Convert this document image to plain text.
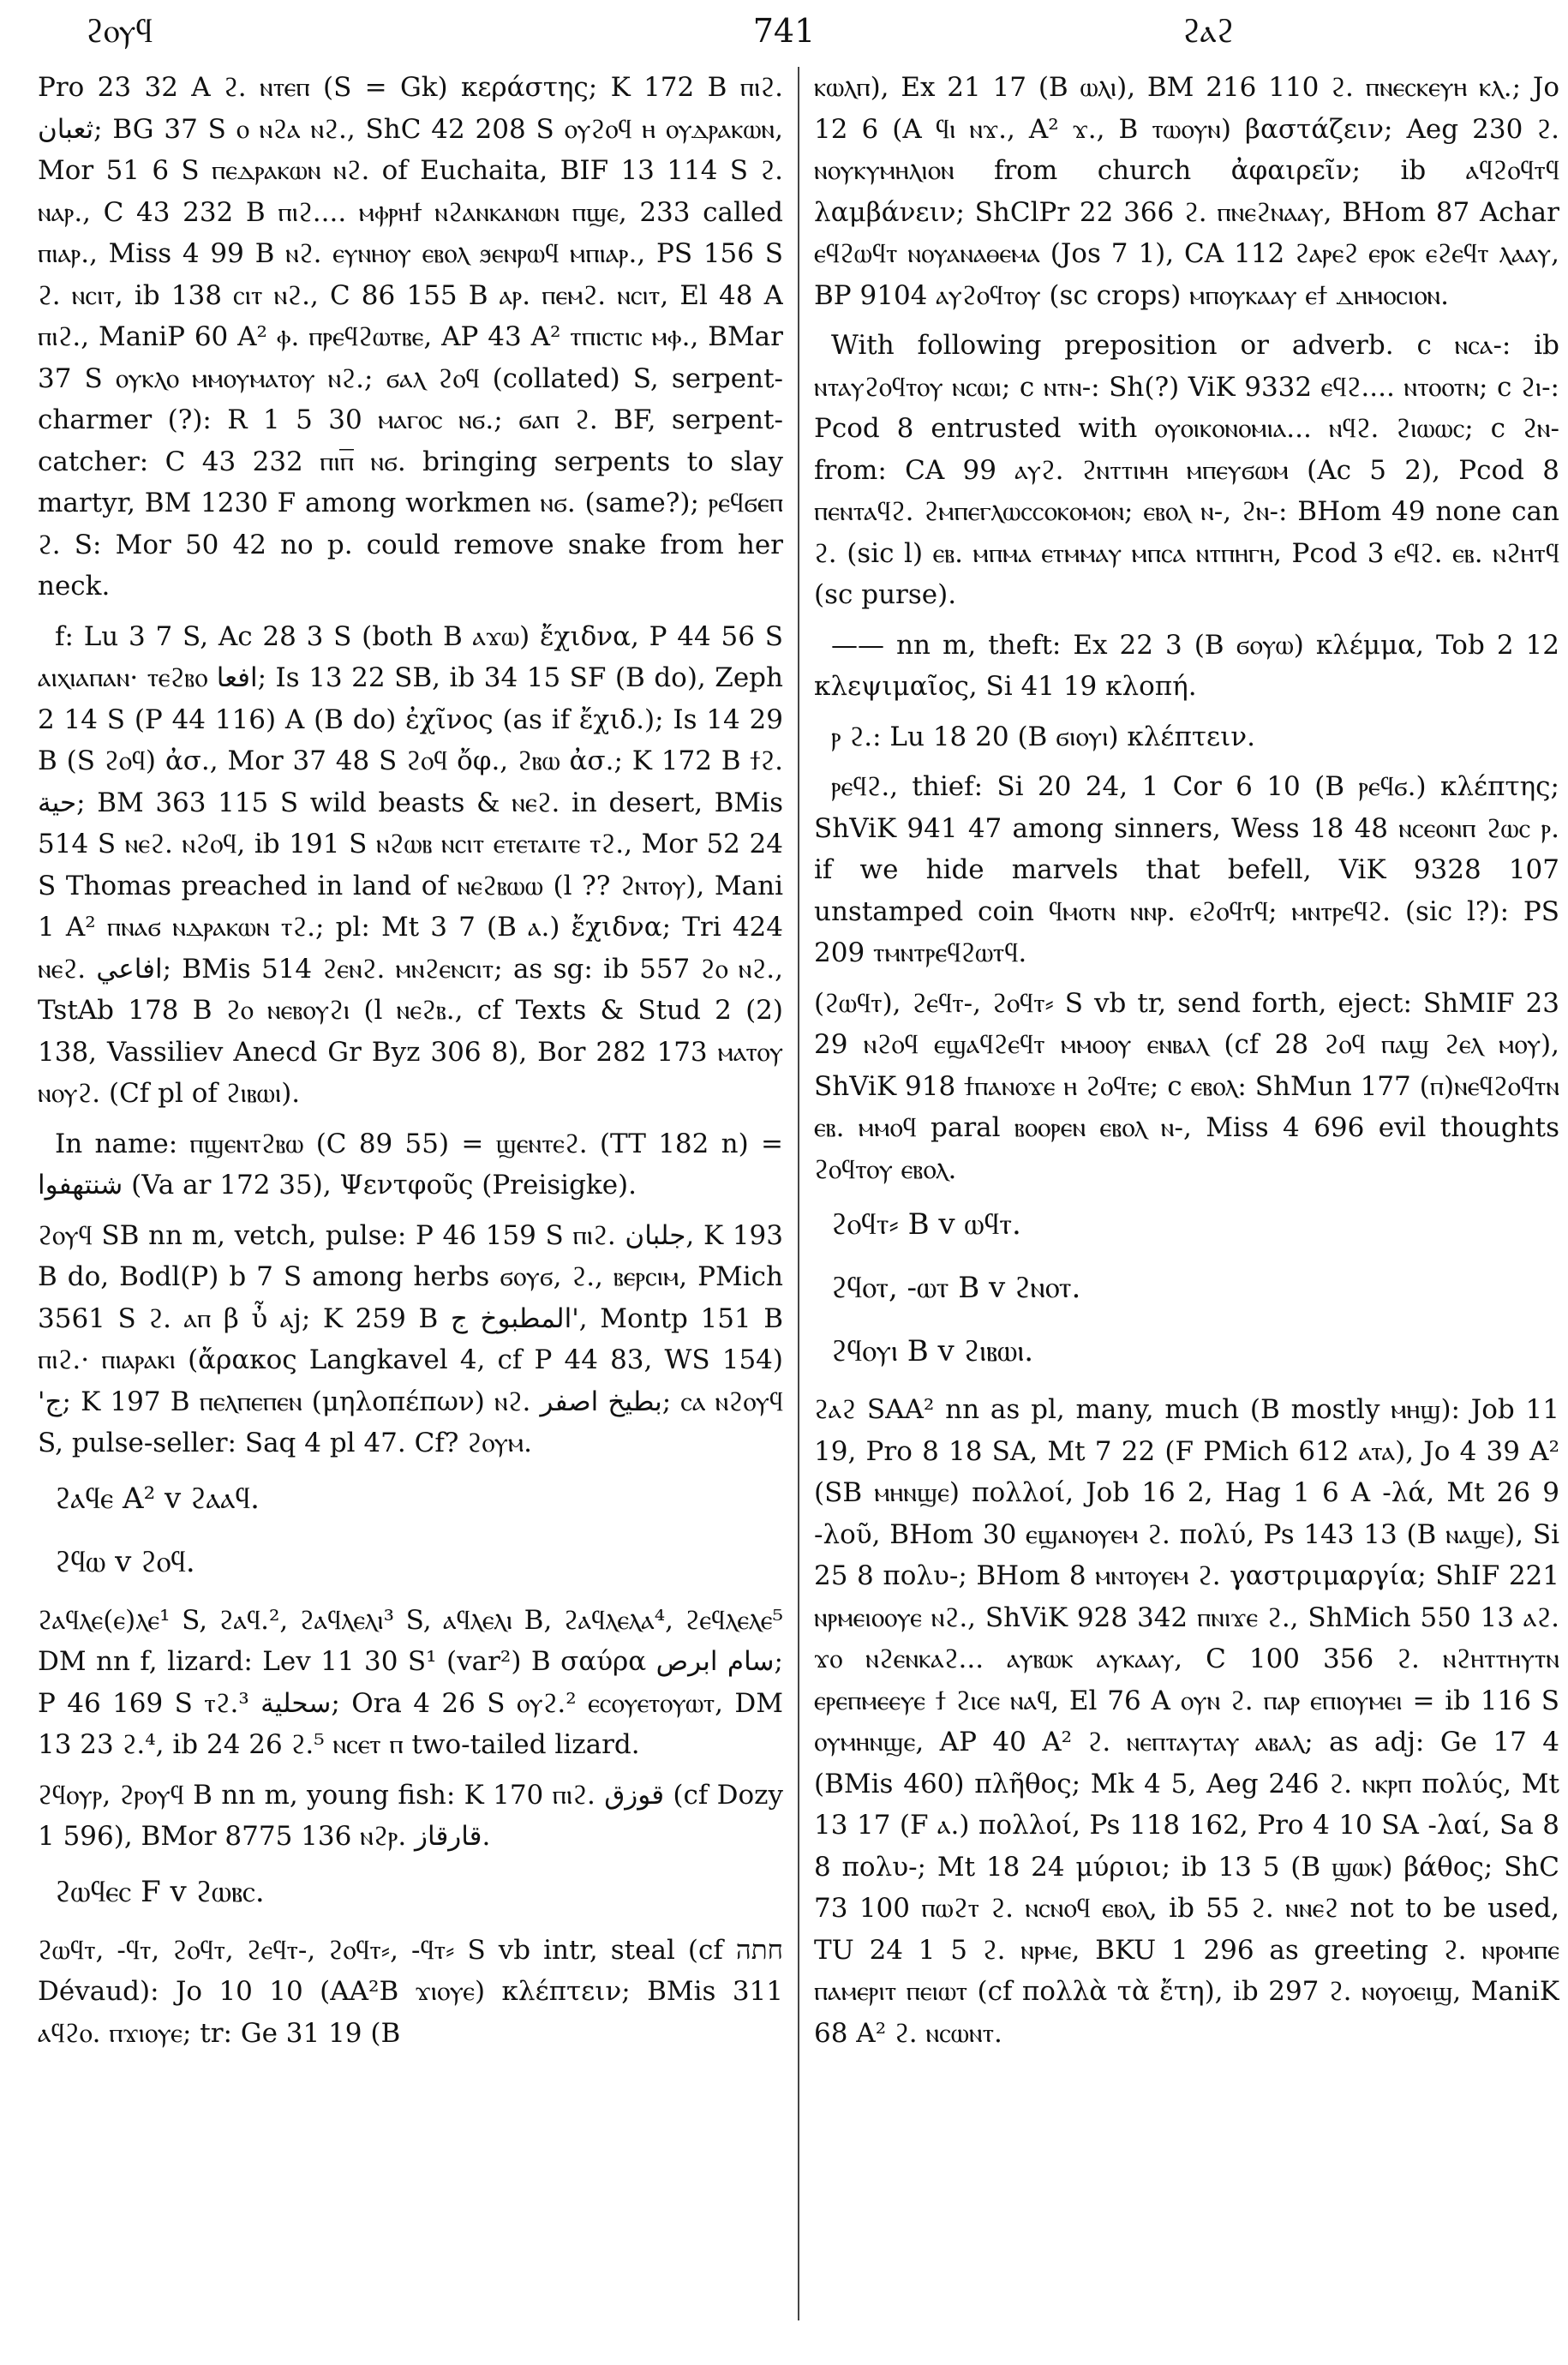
ϩⲟⲩϥ	741	ϩⲁϩ

Pro 23 32 A ϩ. ⲛⲧⲉⲡ (S = Gk) κεράστης; K 172 B ⲡⲓϩ. ثعبان; BG 37 S ⲟ ⲛϩⲁ ⲛϩ., ShC 42 208 S ⲟⲩϩⲟϥ ⲏ ⲟⲩⲇⲣⲁⲕⲱⲛ, Mor 51 6 S ⲡⲉⲇⲣⲁⲕⲱⲛ ⲛϩ. of Euchaita, BIF 13 114 S ϩ. ⲛⲁⲣ., C 43 232 B ⲡⲓϩ.... ⲙⲫⲣⲏϯ ⲛϩⲁⲛⲕⲁⲛⲱⲛ ⲡϣⲉ, 233 called ⲡⲓⲁⲣ., Miss 4 99 B ⲛϩ. ⲉⲩⲛⲏⲟⲩ ⲉⲃⲟⲗ ϧⲉⲛⲣⲱϥ ⲙⲡⲓⲁⲣ., PS 156 S ϩ. ⲛⲥⲓⲧ, ib 138 ⲥⲓⲧ ⲛϩ., C 86 155 B ⲁⲣ. ⲡⲉⲙϩ. ⲛⲥⲓⲧ, El 48 A ⲡⲓϩ., ManiP 60 A² ⲫ. ⲡⲣⲉϥϩⲱⲧⲃⲉ, AP 43 A² ⲧⲡⲓⲥⲧⲓⲥ ⲙⲫ., BMar 37 S ⲟⲩⲕⲗⲟ ⲙⲙⲟⲩⲙⲁⲧⲟⲩ ⲛϩ.; ϭⲁⲗ ϩⲟϥ (collated) S, serpent-charmer (?): R 1 5 30 ⲙⲁⲅⲟⲥ ⲛϭ.; ϭⲁⲡ ϩ. BF, serpent-catcher: C 43 232 ⲡⲓⲡ̅ ⲛϭ. bringing serpents to slay martyr, BM 1230 F among workmen ⲛϭ. (same?); ⲣⲉϥϭⲉⲡ ϩ. S: Mor 50 42 no p. could remove snake from her neck.

f: Lu 3 7 S, Ac 28 3 S (both B ⲁϫⲱ) ἔχιδνα, P 44 56 S ⲁⲓⲭⲓⲁⲡⲁⲛ· ⲧⲉϩⲃⲟ افعا; Is 13 22 SB, ib 34 15 SF (B do), Zeph 2 14 S (P 44 116) A (B do) ἐχῖνος (as if ἔχιδ.); Is 14 29 B (S ϩⲟϥ) ἀσ., Mor 37 48 S ϩⲟϥ ὄφ., ϩⲃⲱ ἀσ.; K 172 B ϯϩ. حية; BM 363 115 S wild beasts & ⲛⲉϩ. in desert, BMis 514 S ⲛⲉϩ. ⲛϩⲟϥ, ib 191 S ⲛϩⲱⲃ ⲛⲥⲓⲧ ⲉⲧⲉⲧⲁⲓⲧⲉ ⲧϩ., Mor 52 24 S Thomas preached in land of ⲛⲉϩⲃⲱⲱ (l ?? ϩⲛⲧⲟⲩ), Mani 1 A² ⲡⲛⲁϭ ⲛⲇⲣⲁⲕⲱⲛ ⲧϩ.; pl: Mt 3 7 (B ⲁ.) ἔχιδνα; Tri 424 ⲛⲉϩ. افاعي; BMis 514 ϩⲉⲛϩ. ⲙⲛϩⲉⲛⲥⲓⲧ; as sg: ib 557 ϩⲟ ⲛϩ., TstAb 178 B ϩⲟ ⲛⲉⲃⲟⲩϩⲓ (l ⲛⲉϩⲃ., cf Texts & Stud 2 (2) 138, Vassiliev Anecd Gr Byz 306 8), Bor 282 173 ⲙⲁⲧⲟⲩ ⲛⲟⲩϩ. (Cf pl of ϩⲓⲃⲱⲓ).

In name: ⲡϣⲉⲛⲧϩⲃⲱ (C 89 55) = ϣⲉⲛⲧⲉϩ. (TT 182 n) = شنتهفوا (Va ar 172 35), Ψεντφοῦς (Preisigke).

ϩⲟⲩϥ SB nn m, vetch, pulse: P 46 159 S ⲡⲓϩ. جلبان, K 193 B do, Bodl(P) b 7 S among herbs ϭⲟⲩϭ, ϩ., ⲃⲉⲣⲥⲓⲙ, PMich 3561 S ϩ. ⲁⲡ β ὖ ⲁϳ; K 259 B المطبوخ ج', Montp 151 B ⲡⲓϩ.· ⲡⲓⲁⲣⲁⲕⲓ (ἄρακος Langkavel 4, cf P 44 83, WS 154) 'ج; K 197 B ⲡⲉⲗⲡⲉⲡⲉⲛ (μηλοπέπων) ⲛϩ. بطيخ اصفر; ⲥⲁ ⲛϩⲟⲩϥ S, pulse-seller: Saq 4 pl 47. Cf? ϩⲟⲩⲙ.

ϩⲁϥⲉ A² v ϩⲁⲁϥ.

ϩϥⲱ v ϩⲟϥ.

ϩⲁϥⲗⲉ(ⲉ)ⲗⲉ¹ S, ϩⲁϥ.², ϩⲁϥⲗⲉⲗⲓ³ S, ⲁϥⲗⲉⲗⲓ B, ϩⲁϥⲗⲉⲗⲁ⁴, ϩⲉϥⲗⲉⲗⲉ⁵ DM nn f, lizard: Lev 11 30 S¹ (var²) B σαύρα سام ابرص; P 46 169 S ⲧϩ.³ سحلية; Ora 4 26 S ⲟⲩϩ.² ⲉⲥⲟⲩⲉⲧⲟⲩⲱⲧ, DM 13 23 ϩ.⁴, ib 24 26 ϩ.⁵ ⲛⲥⲉⲧ ⲡ two-tailed lizard.

ϩϥⲟⲩⲣ, ϩⲣⲟⲩϥ B nn m, young fish: K 170 ⲡⲓϩ. قوزق (cf Dozy 1 596), BMor 8775 136 ⲛϩⲣ. قارقاز.

ϩⲱϥⲉⲥ F v ϩⲱⲃⲥ.

ϩⲱϥⲧ, -ϥⲧ, ϩⲟϥⲧ, ϩⲉϥⲧ-, ϩⲟϥⲧ⸗, -ϥⲧ⸗ S vb intr, steal (cf חתה Dévaud): Jo 10 10 (AA²B ϫⲓⲟⲩⲉ) κλέπτειν; BMis 311 ⲁϥϩⲟ. ⲡϫⲓⲟⲩⲉ; tr: Ge 31 19 (B

ⲕⲱⲗⲡ), Ex 21 17 (B ⲱⲗⲓ), BM 216 110 ϩ. ⲡⲛⲉⲥⲕⲉⲩⲏ ⲕⲗ.; Jo 12 6 (A ϥⲓ ⲛϫ., A² ϫ., B ⲧⲱⲟⲩⲛ) βαστάζειν; Aeg 230 ϩ. ⲛⲟⲩⲕⲩⲙⲏⲗⲓⲟⲛ from church ἀφαιρεῖν; ib ⲁϥϩⲟϥⲧϥ λαμβάνειν; ShClPr 22 366 ϩ. ⲡⲛⲉϩⲛⲁⲁⲩ, BHom 87 Achar ⲉϥϩⲱϥⲧ ⲛⲟⲩⲁⲛⲁⲑⲉⲙⲁ (Jos 7 1), CA 112 ϩⲁⲣⲉϩ ⲉⲣⲟⲕ ⲉϩⲉϥⲧ ⲗⲁⲁⲩ, BP 9104 ⲁⲩϩⲟϥⲧⲟⲩ (sc crops) ⲙⲡⲟⲩⲕⲁⲁⲩ ⲉϯ ⲇⲏⲙⲟⲥⲓⲟⲛ.

With following preposition or adverb. c ⲛⲥⲁ-: ib ⲛⲧⲁⲩϩⲟϥⲧⲟⲩ ⲛⲥⲱⲓ; c ⲛⲧⲛ-: Sh(?) ViK 9332 ⲉϥϩ.... ⲛⲧⲟⲟⲧⲛ; c ϩⲓ-: Pcod 8 entrusted with ⲟⲩⲟⲓⲕⲟⲛⲟⲙⲓⲁ... ⲛϥϩ. ϩⲓⲱⲱⲥ; c ϩⲛ- from: CA 99 ⲁⲩϩ. ϩⲛⲧⲧⲓⲙⲏ ⲙⲡⲉⲩϭⲱⲙ (Ac 5 2), Pcod 8 ⲡⲉⲛⲧⲁϥϩ. ϩⲙⲡⲉⲅⲗⲱⲥⲥⲟⲕⲟⲙⲟⲛ; ⲉⲃⲟⲗ ⲛ-, ϩⲛ-: BHom 49 none can ϩ. (sic l) ⲉⲃ. ⲙⲡⲙⲁ ⲉⲧⲙⲙⲁⲩ ⲙⲡⲥⲁ ⲛⲧⲡⲏⲅⲏ, Pcod 3 ⲉϥϩ. ⲉⲃ. ⲛϩⲏⲧϥ (sc purse).

—— nn m, theft: Ex 22 3 (B ϭⲟⲩⲱ) κλέμμα, Tob 2 12 κλεψιμαῖος, Si 41 19 κλοπή.

ⲣ ϩ.: Lu 18 20 (B ϭⲓⲟⲩⲓ) κλέπτειν.

ⲣⲉϥϩ., thief: Si 20 24, 1 Cor 6 10 (B ⲣⲉϥϭ.) κλέπτης; ShViK 941 47 among sinners, Wess 18 48 ⲛⲥⲉⲟⲛⲡ ϩⲱⲥ ⲣ. if we hide marvels that befell, ViK 9328 107 unstamped coin ϥⲙⲟⲧⲛ ⲛⲛⲣ. ⲉϩⲟϥⲧϥ; ⲙⲛⲧⲣⲉϥϩ. (sic l?): PS 209 ⲧⲙⲛⲧⲣⲉϥϩⲱⲧϥ.

(ϩⲱϥⲧ), ϩⲉϥⲧ-, ϩⲟϥⲧ⸗ S vb tr, send forth, eject: ShMIF 23 29 ⲛϩⲟϥ ⲉϣⲁϥϩⲉϥⲧ ⲙⲙⲟⲟⲩ ⲉⲛⲃⲁⲗ (cf 28 ϩⲟϥ ⲡⲁϣ ϩⲉⲗ ⲙⲟⲩ), ShViK 918 ϯⲡⲁⲛⲟϫⲉ ⲏ ϩⲟϥⲧⲉ; c ⲉⲃⲟⲗ: ShMun 177 (ⲡ)ⲛⲉϥϩⲟϥⲧⲛ ⲉⲃ. ⲙⲙⲟϥ paral ⲃⲟⲟⲣⲉⲛ ⲉⲃⲟⲗ ⲛ-, Miss 4 696 evil thoughts ϩⲟϥⲧⲟⲩ ⲉⲃⲟⲗ.

ϩⲟϥⲧ⸗ B v ⲱϥⲧ.

ϩϥⲟⲧ, -ⲱⲧ B v ϩⲛⲟⲧ.

ϩϥⲟⲩⲓ B v ϩⲓⲃⲱⲓ.

ϩⲁϩ SAA² nn as pl, many, much (B mostly ⲙⲏϣ): Job 11 19, Pro 8 18 SA, Mt 7 22 (F PMich 612 ⲁⲧⲁ), Jo 4 39 A² (SB ⲙⲏⲛϣⲉ) πολλοί, Job 16 2, Hag 1 6 A -λά, Mt 26 9 -λοῦ, BHom 30 ⲉϣⲁⲛⲟⲩⲉⲙ ϩ. πολύ, Ps 143 13 (B ⲛⲁϣⲉ), Si 25 8 πολυ-; BHom 8 ⲙⲛⲧⲟⲩⲉⲙ ϩ. γαστριμαργία; ShIF 221 ⲛⲣⲙⲉⲓⲟⲟⲩⲉ ⲛϩ., ShViK 928 342 ⲡⲛⲓϫⲉ ϩ., ShMich 550 13 ⲁϩ. ϫⲟ ⲛϩⲉⲛⲕⲁϩ... ⲁⲩⲃⲱⲕ ⲁⲩⲕⲁⲁⲩ, C 100 356 ϩ. ⲛϩⲏⲧⲧⲏⲩⲧⲛ ⲉⲣⲉⲡⲙⲉⲉⲩⲉ ϯ ϩⲓⲥⲉ ⲛⲁϥ, El 76 A ⲟⲩⲛ ϩ. ⲡⲁⲣ ⲉⲡⲓⲟⲩⲙⲉⲓ = ib 116 S ⲟⲩⲙⲏⲛϣⲉ, AP 40 A² ϩ. ⲛⲉⲡⲧⲁⲩⲧⲁⲩ ⲁⲃⲁⲗ; as adj: Ge 17 4 (BMis 460) πλῆθος; Mk 4 5, Aeg 246 ϩ. ⲛⲕⲣⲡ πολύς, Mt 13 17 (F ⲁ.) πολλοί, Ps 118 162, Pro 4 10 SA -λαί, Sa 8 8 πολυ-; Mt 18 24 μύριοι; ib 13 5 (B ϣⲱⲕ) βάθος; ShC 73 100 ⲡⲱϩⲧ ϩ. ⲛⲥⲛⲟϥ ⲉⲃⲟⲗ, ib 55 ϩ. ⲛⲛⲉϩ not to be used, TU 24 1 5 ϩ. ⲛⲣⲙⲉ, BKU 1 296 as greeting ϩ. ⲛⲣⲟⲙⲡⲉ ⲡⲁⲙⲉⲣⲓⲧ ⲡⲉⲓⲱⲧ (cf πολλὰ τὰ ἔτη), ib 297 ϩ. ⲛⲟⲩⲟⲉⲓϣ, ManiK 68 A² ϩ. ⲛⲥⲱⲛⲧ.
